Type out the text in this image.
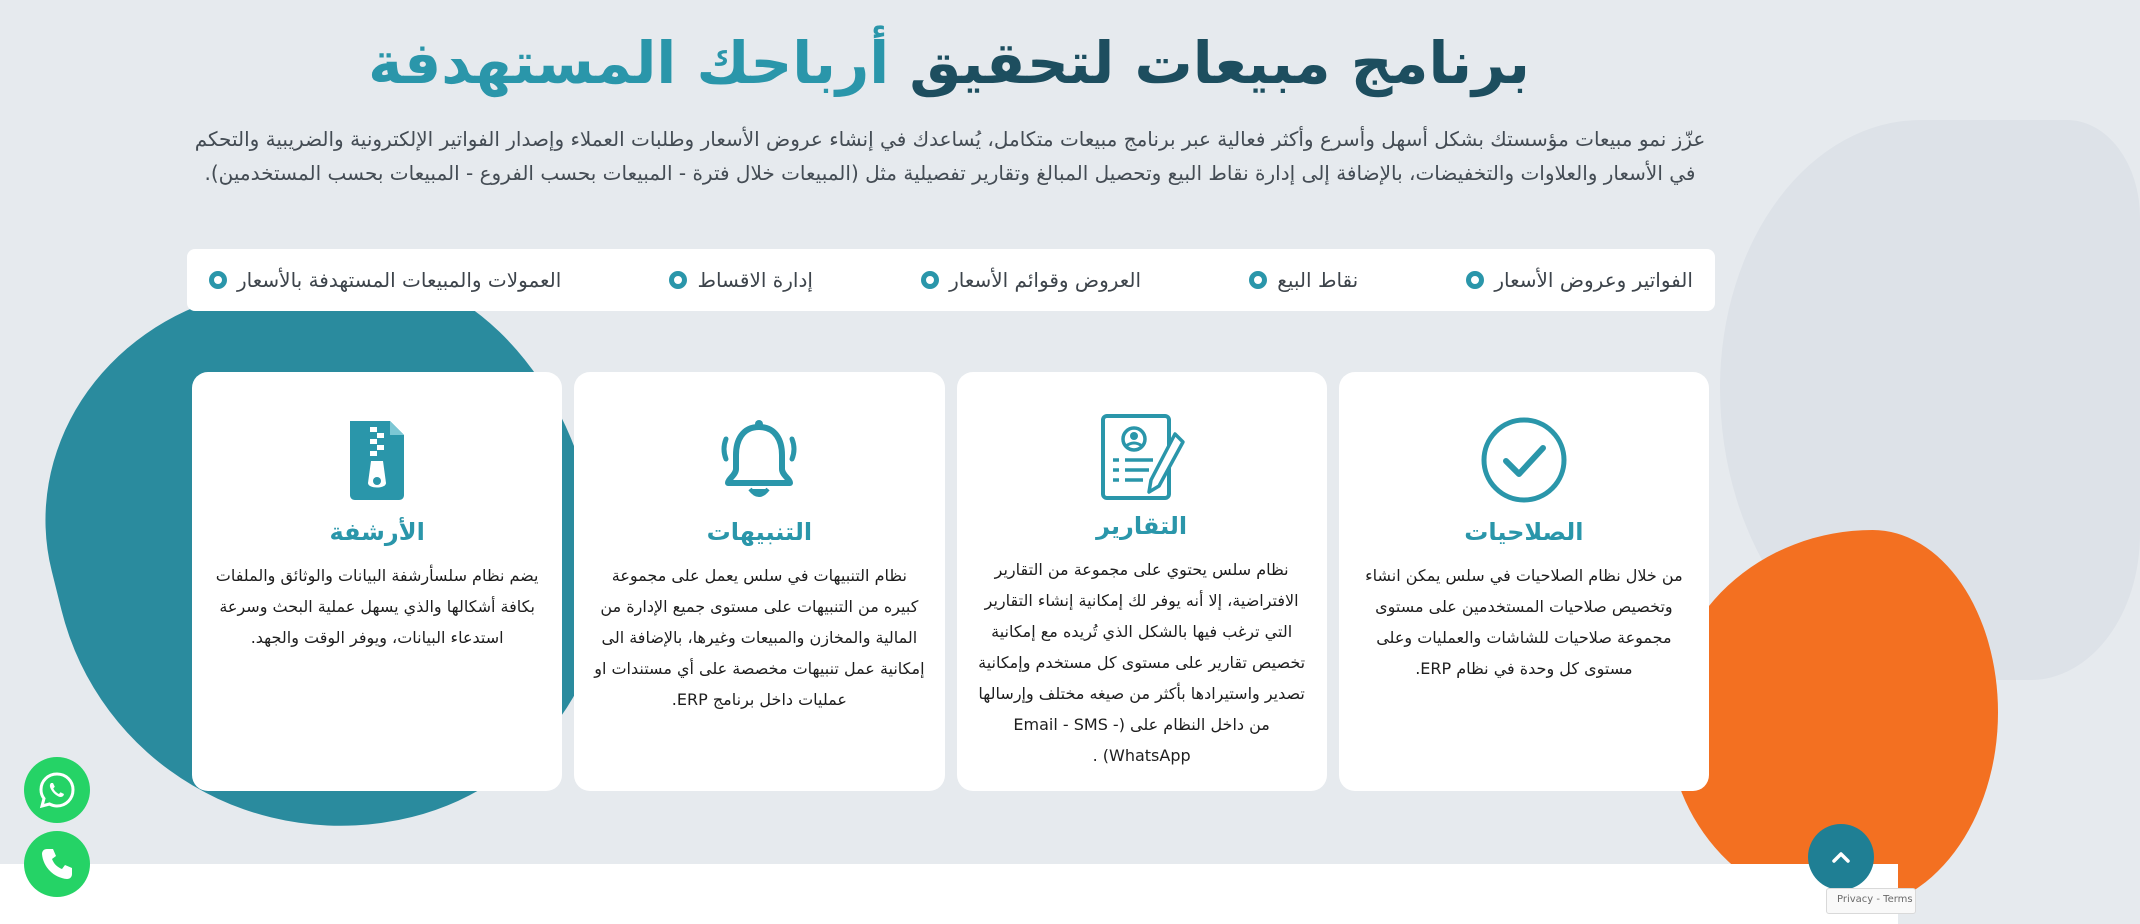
برنامج مبيعات لتحقيق أرباحك المستهدفة

عزّز نمو مبيعات مؤسستك بشكل أسهل وأسرع وأكثر فعالية عبر برنامج مبيعات متكامل، يُساعدك في إنشاء عروض الأسعار وطلبات العملاء وإصدار الفواتير الإلكترونية والضريبية والتحكم في الأسعار والعلاوات والتخفيضات، بالإضافة إلى إدارة نقاط البيع وتحصيل المبالغ وتقارير تفصيلية مثل (المبيعات خلال فترة - المبيعات بحسب الفروع - المبيعات بحسب المستخدمين).

الفواتير وعروض الأسعار
نقاط البيع
العروض وقوائم الأسعار
إدارة الاقساط
العمولات والمبيعات المستهدفة بالأسعار
الصلاحيات

من خلال نظام الصلاحيات في سلس يمكن انشاء وتخصيص صلاحيات المستخدمين على مستوى مجموعة صلاحيات للشاشات والعمليات وعلى مستوى كل وحدة في نظام ERP.

التقارير

نظام سلس يحتوي على مجموعة من التقارير الافتراضية، إلا أنه يوفر لك إمكانية إنشاء التقارير التي ترغب فيها بالشكل الذي تُريده مع إمكانية تخصيص تقارير على مستوى كل مستخدم وإمكانية تصدير واستيرادها بأكثر من صيغه مختلف وإرسالها من داخل النظام على (Email - SMS - WhatsApp) .

التنبيهات

نظام التنبيهات في سلس يعمل على مجموعة كبيره من التنبيهات على مستوى جميع الإدارة من المالية والمخازن والمبيعات وغيرها، بالإضافة الى إمكانية عمل تنبيهات مخصصة على أي مستندات او عمليات داخل برنامج ERP.

الأرشفة

يضم نظام سلسأرشفة البيانات والوثائق والملفات بكافة أشكالها والذي يسهل عملية البحث وسرعة استدعاء البيانات، ويوفر الوقت والجهد.

Privacy - Terms
